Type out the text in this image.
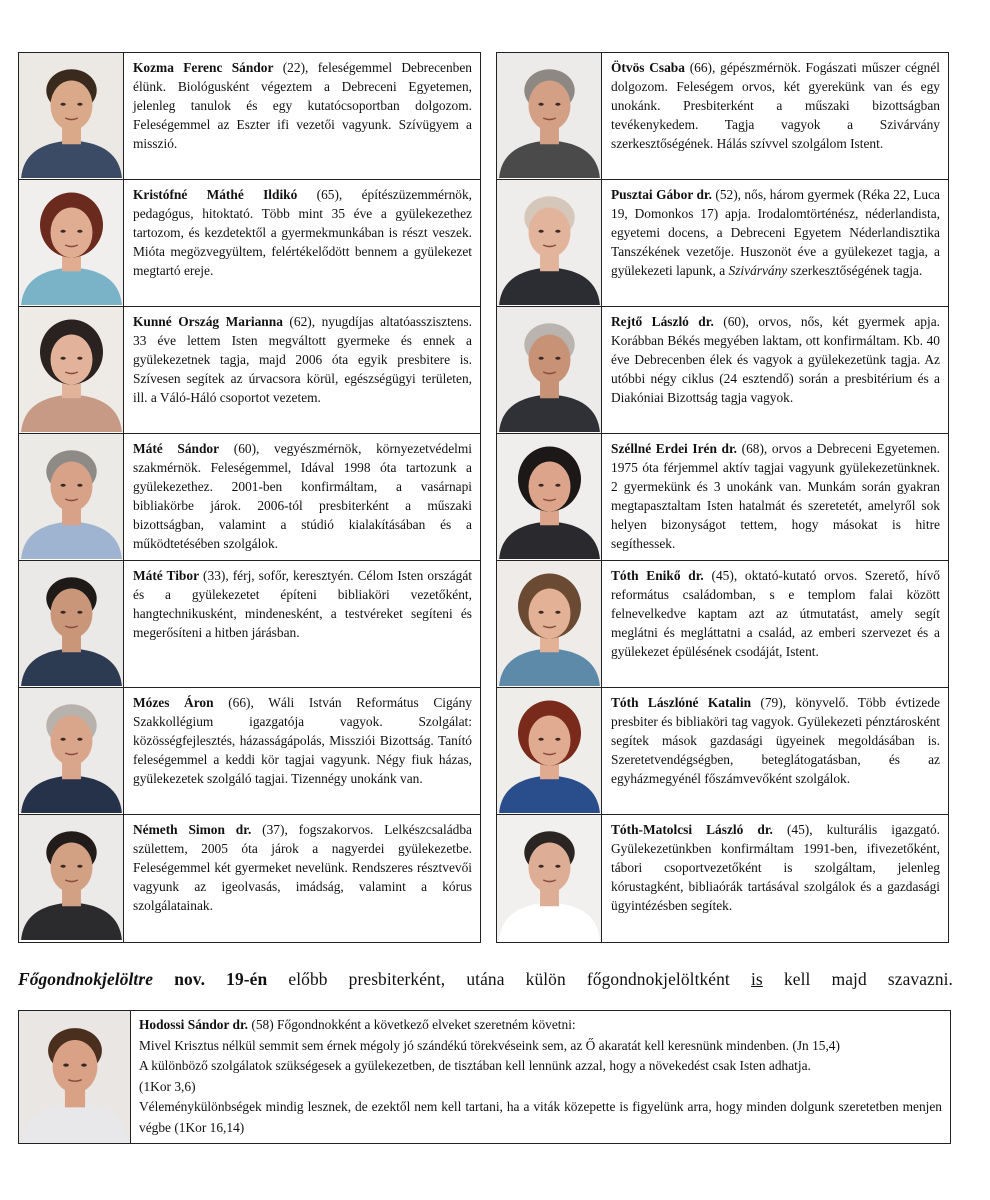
Kozma Ferenc Sándor (22), feleségemmel Debrecenben élünk. Biológusként végeztem a Debreceni Egyetemen, jelenleg tanulok és egy kutatócsoportban dolgozom. Feleségemmel az Eszter ifi vezetői vagyunk. Szívügyem a misszió.
Kristófné Máthé Ildikó (65), építészüzemmérnök, pedagógus, hitoktató. Több mint 35 éve a gyülekezethez tartozom, és kezdetektől a gyermekmunkában is részt veszek. Mióta megözvegyültem, felértékelődött bennem a gyülekezet megtartó ereje.
Kunné Ország Marianna (62), nyugdíjas altatóasszisztens. 33 éve lettem Isten megváltott gyermeke és ennek a gyülekezetnek tagja, majd 2006 óta egyik presbitere is. Szívesen segítek az úrvacsora körül, egészségügyi területen, ill. a Váló-Háló csoportot vezetem.
Máté Sándor (60), vegyészmérnök, környezetvédelmi szakmérnök. Feleségemmel, Idával 1998 óta tartozunk a gyülekezethez. 2001-ben konfirmáltam, a vasárnapi bibliakörbe járok. 2006-tól presbiterként a műszaki bizottságban, valamint a stúdió kialakításában és a működtetésében szolgálok.
Máté Tibor (33), férj, sofőr, keresztyén. Célom Isten országát és a gyülekezetet építeni bibliaköri vezetőként, hangtechnikusként, mindenesként, a testvéreket segíteni és megerősíteni a hitben járásban.
Mózes Áron (66), Wáli István Református Cigány Szakkollégium igazgatója vagyok. Szolgálat: közösségfejlesztés, házasságápolás, Missziói Bizottság. Tanító feleségemmel a keddi kör tagjai vagyunk. Négy fiuk házas, gyülekezetek szolgáló tagjai. Tizennégy unokánk van.
Németh Simon dr. (37), fogszakorvos. Lelkészcsaládba születtem, 2005 óta járok a nagyerdei gyülekezetbe. Feleségemmel két gyermeket nevelünk. Rendszeres résztvevői vagyunk az igeolvasás, imádság, valamint a kórus szolgálatainak.
Ötvös Csaba (66), gépészmérnök. Fogászati műszer cégnél dolgozom. Feleségem orvos, két gyerekünk van és egy unokánk. Presbiterként a műszaki bizottságban tevékenykedem. Tagja vagyok a Szivárvány szerkesztőségének. Hálás szívvel szolgálom Istent.
Pusztai Gábor dr. (52), nős, három gyermek (Réka 22, Luca 19, Domonkos 17) apja. Irodalomtörténész, néderlandista, egyetemi docens, a Debreceni Egyetem Néderlandisztika Tanszékének vezetője. Huszonöt éve a gyülekezet tagja, a gyülekezeti lapunk, a Szivárvány szerkesztőségének tagja.
Rejtő László dr. (60), orvos, nős, két gyermek apja. Korábban Békés megyében laktam, ott konfirmáltam. Kb. 40 éve Debrecenben élek és vagyok a gyülekezetünk tagja. Az utóbbi négy ciklus (24 esztendő) során a presbitérium és a Diakóniai Bizottság tagja vagyok.
Széllné Erdei Irén dr. (68), orvos a Debreceni Egyetemen. 1975 óta férjemmel aktív tagjai vagyunk gyülekezetünknek. 2 gyermekünk és 3 unokánk van. Munkám során gyakran megtapasztaltam Isten hatalmát és szeretetét, amelyről sok helyen bizonyságot tettem, hogy másokat is hitre segíthessek.
Tóth Enikő dr. (45), oktató-kutató orvos. Szerető, hívő református családomban, s e templom falai között felnevelkedve kaptam azt az útmutatást, amely segít meglátni és megláttatni a család, az emberi szervezet és a gyülekezet épülésének csodáját, Istent.
Tóth Lászlóné Katalin (79), könyvelő. Több évtizede presbiter és bibliaköri tag vagyok. Gyülekezeti pénztárosként segítek mások gazdasági ügyeinek megoldásában is. Szeretetvendégségben, beteglátogatásban, és az egyházmegyénél főszámvevőként szolgálok.
Tóth-Matolcsi László dr. (45), kulturális igazgató. Gyülekezetünkben konfirmáltam 1991-ben, ifivezetőként, tábori csoportvezetőként is szolgáltam, jelenleg kórustagként, bibliaórák tartásával szolgálok és a gazdasági ügyintézésben segítek.
Főgondnokjelöltre nov. 19-én előbb presbiterként, utána külön főgondnokjelöltként is kell majd szavazni.

Hodossi Sándor dr. (58) Főgondnokként a következő elveket szeretném követni:

Mivel Krisztus nélkül semmit sem érnek mégoly jó szándékú törekvéseink sem, az Ő akaratát kell keresnünk mindenben. (Jn 15,4)

A különböző szolgálatok szükségesek a gyülekezetben, de tisztában kell lennünk azzal, hogy a növekedést csak Isten adhatja.

(1Kor 3,6)

Véleménykülönbségek mindig lesznek, de ezektől nem kell tartani, ha a viták közepette is figyelünk arra, hogy minden dolgunk szeretetben menjen végbe (1Kor 16,14)
